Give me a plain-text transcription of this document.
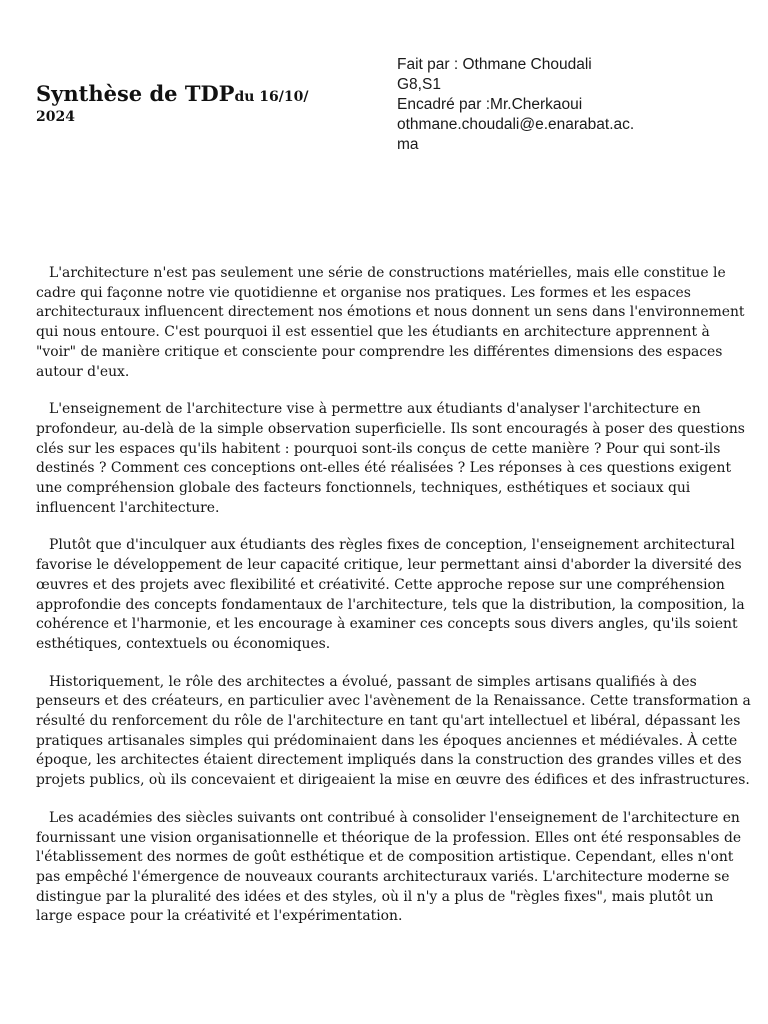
Synthèse de TDPdu 16/10/
2024
Fait par : Othmane Choudali
G8,S1
Encadré par :Mr.Cherkaoui
othmane.choudali@e.enarabat.ac.
ma

L'architecture n'est pas seulement une série de constructions matérielles, mais elle constitue le cadre qui façonne notre vie quotidienne et organise nos pratiques. Les formes et les espaces architecturaux influencent directement nos émotions et nous donnent un sens dans l'environnement qui nous entoure. C'est pourquoi il est essentiel que les étudiants en architecture apprennent à "voir" de manière critique et consciente pour comprendre les différentes dimensions des espaces autour d'eux.

L'enseignement de l'architecture vise à permettre aux étudiants d'analyser l'architecture en profondeur, au-delà de la simple observation superficielle. Ils sont encouragés à poser des questions clés sur les espaces qu'ils habitent : pourquoi sont-ils conçus de cette manière ? Pour qui sont-ils destinés ? Comment ces conceptions ont-elles été réalisées ? Les réponses à ces questions exigent une compréhension globale des facteurs fonctionnels, techniques, esthétiques et sociaux qui influencent l'architecture.

Plutôt que d'inculquer aux étudiants des règles fixes de conception, l'enseignement architectural favorise le développement de leur capacité critique, leur permettant ainsi d'aborder la diversité des œuvres et des projets avec flexibilité et créativité. Cette approche repose sur une compréhension approfondie des concepts fondamentaux de l'architecture, tels que la distribution, la composition, la cohérence et l'harmonie, et les encourage à examiner ces concepts sous divers angles, qu'ils soient esthétiques, contextuels ou économiques.

Historiquement, le rôle des architectes a évolué, passant de simples artisans qualifiés à des penseurs et des créateurs, en particulier avec l'avènement de la Renaissance. Cette transformation a résulté du renforcement du rôle de l'architecture en tant qu'art intellectuel et libéral, dépassant les pratiques artisanales simples qui prédominaient dans les époques anciennes et médiévales. À cette époque, les architectes étaient directement impliqués dans la construction des grandes villes et des projets publics, où ils concevaient et dirigeaient la mise en œuvre des édifices et des infrastructures.

Les académies des siècles suivants ont contribué à consolider l'enseignement de l'architecture en fournissant une vision organisationnelle et théorique de la profession. Elles ont été responsables de l'établissement des normes de goût esthétique et de composition artistique. Cependant, elles n'ont pas empêché l'émergence de nouveaux courants architecturaux variés. L'architecture moderne se distingue par la pluralité des idées et des styles, où il n'y a plus de "règles fixes", mais plutôt un large espace pour la créativité et l'expérimentation.
